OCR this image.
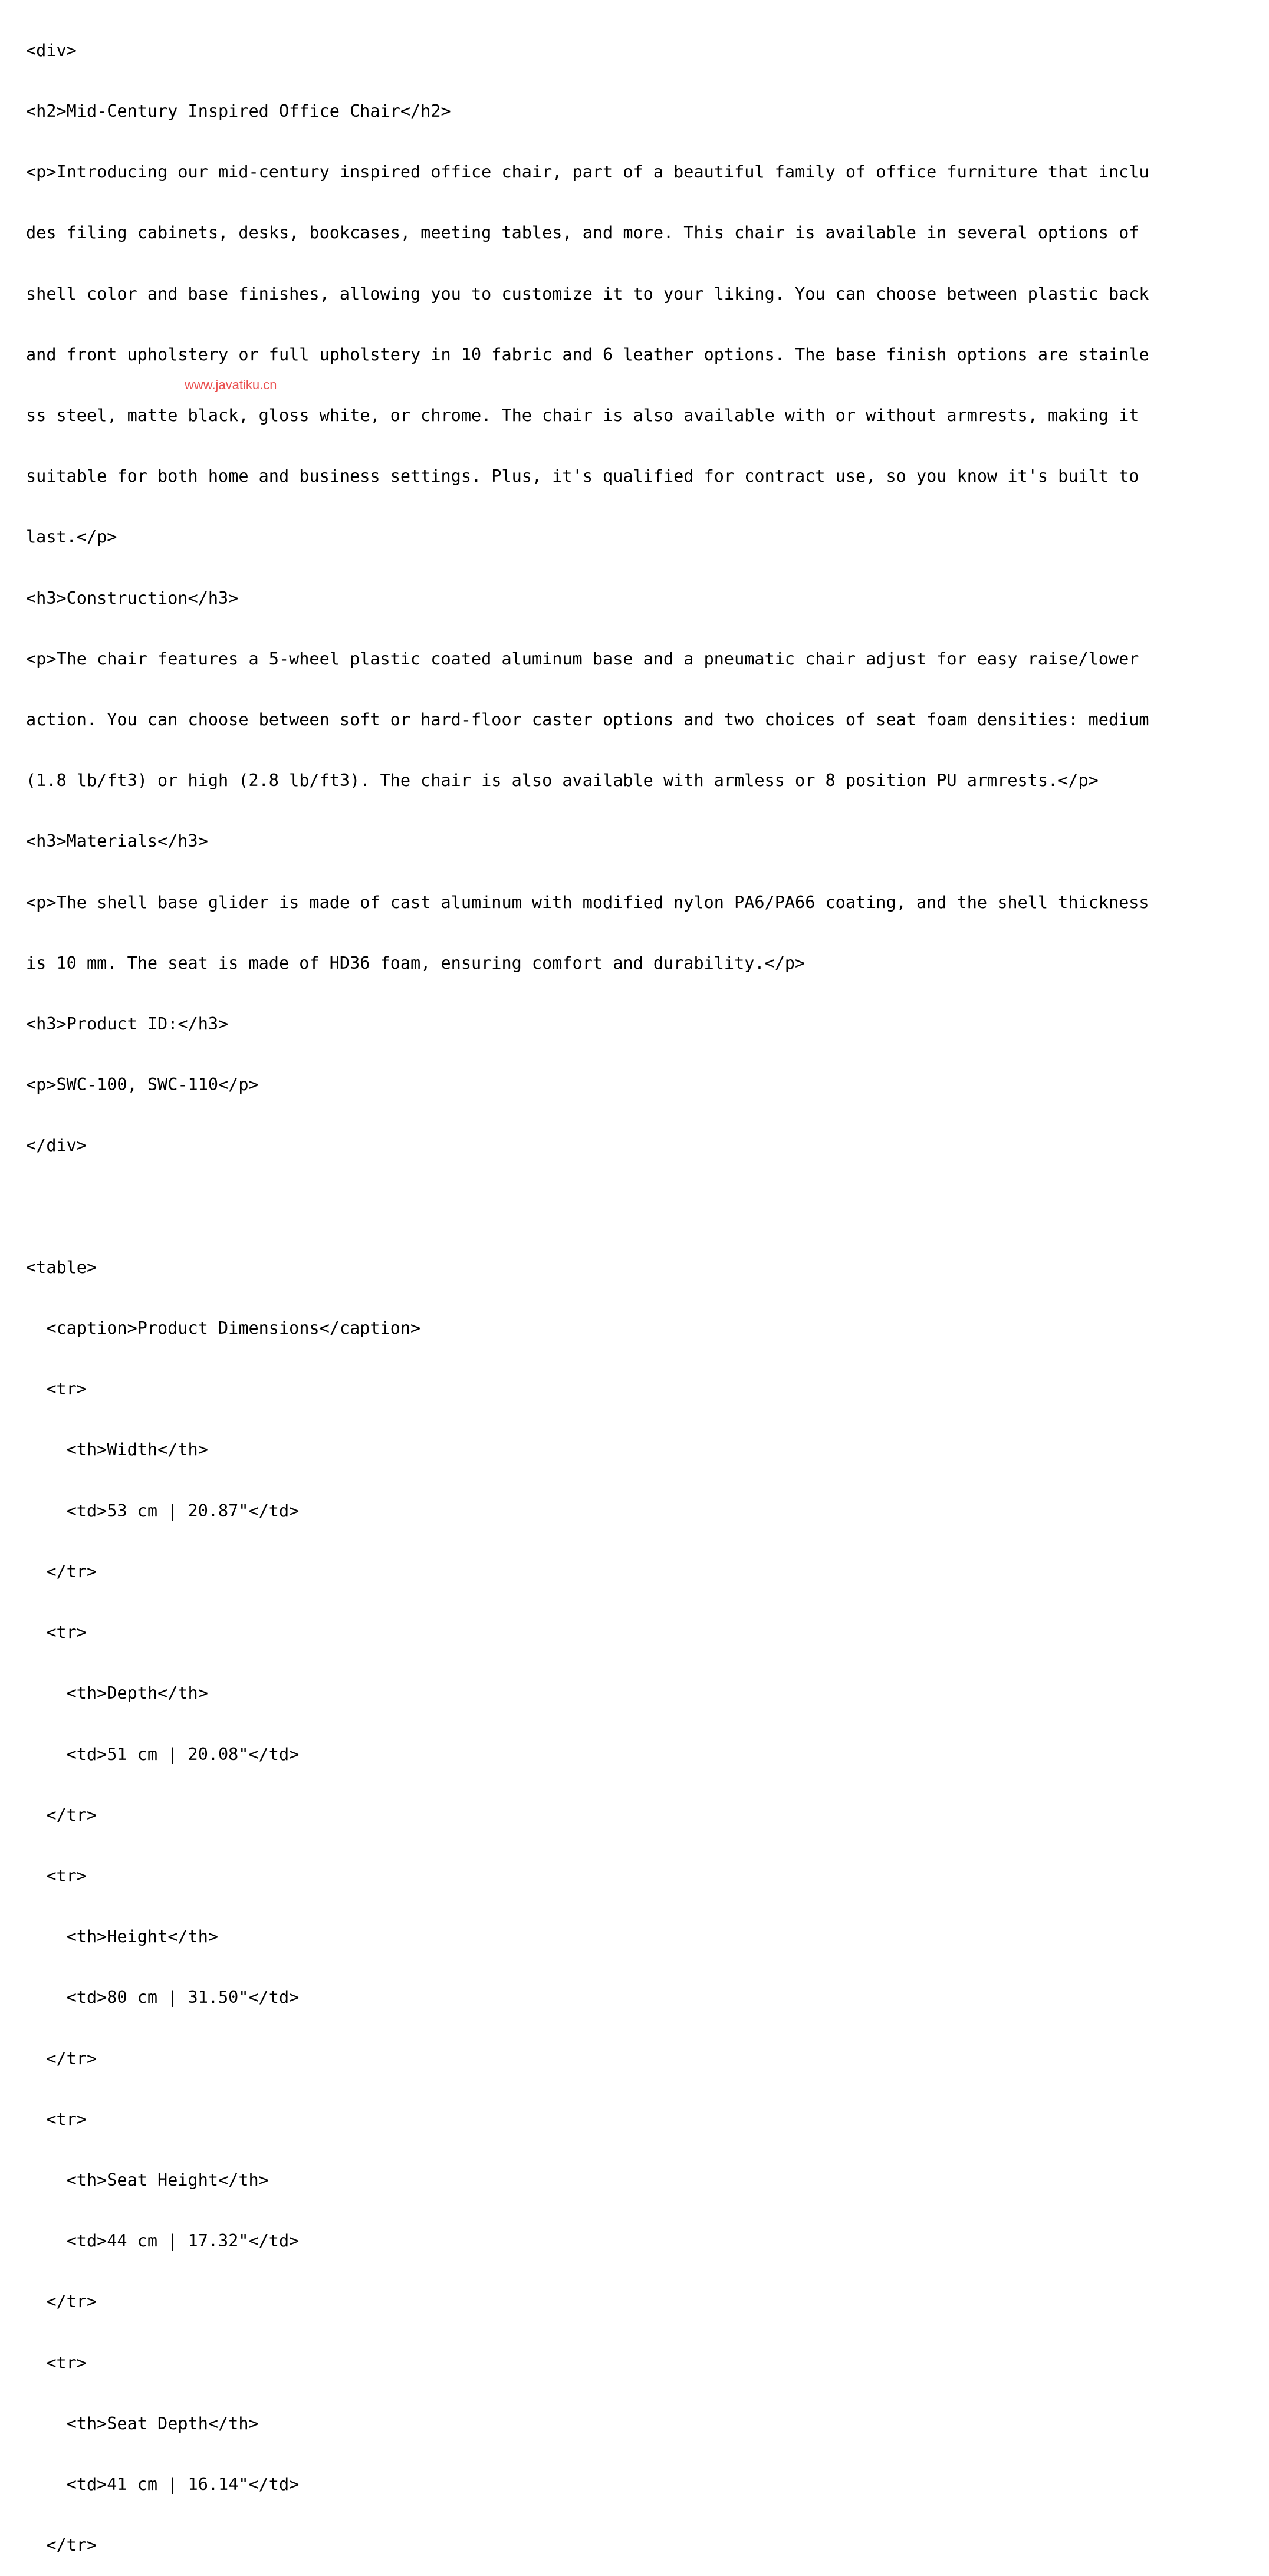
<div>

<h2>Mid-Century Inspired Office Chair</h2>

<p>Introducing our mid-century inspired office chair, part of a beautiful family of office furniture that inclu

des filing cabinets, desks, bookcases, meeting tables, and more. This chair is available in several options of

shell color and base finishes, allowing you to customize it to your liking. You can choose between plastic back

and front upholstery or full upholstery in 10 fabric and 6 leather options. The base finish options are stainle

ss steel, matte black, gloss white, or chrome. The chair is also available with or without armrests, making it

suitable for both home and business settings. Plus, it's qualified for contract use, so you know it's built to

last.</p>

<h3>Construction</h3>

<p>The chair features a 5-wheel plastic coated aluminum base and a pneumatic chair adjust for easy raise/lower

action. You can choose between soft or hard-floor caster options and two choices of seat foam densities: medium

(1.8 lb/ft3) or high (2.8 lb/ft3). The chair is also available with armless or 8 position PU armrests.</p>

<h3>Materials</h3>

<p>The shell base glider is made of cast aluminum with modified nylon PA6/PA66 coating, and the shell thickness

is 10 mm. The seat is made of HD36 foam, ensuring comfort and durability.</p>

<h3>Product ID:</h3>

<p>SWC-100, SWC-110</p>

</div>

<table>

<caption>Product Dimensions</caption>

<tr>

<th>Width</th>

<td>53 cm | 20.87"</td>

</tr>

<tr>

<th>Depth</th>

<td>51 cm | 20.08"</td>

</tr>

<tr>

<th>Height</th>

<td>80 cm | 31.50"</td>

</tr>

<tr>

<th>Seat Height</th>

<td>44 cm | 17.32"</td>

</tr>

<tr>

<th>Seat Depth</th>

<td>41 cm | 16.14"</td>

</tr>

www.javatiku.cn
